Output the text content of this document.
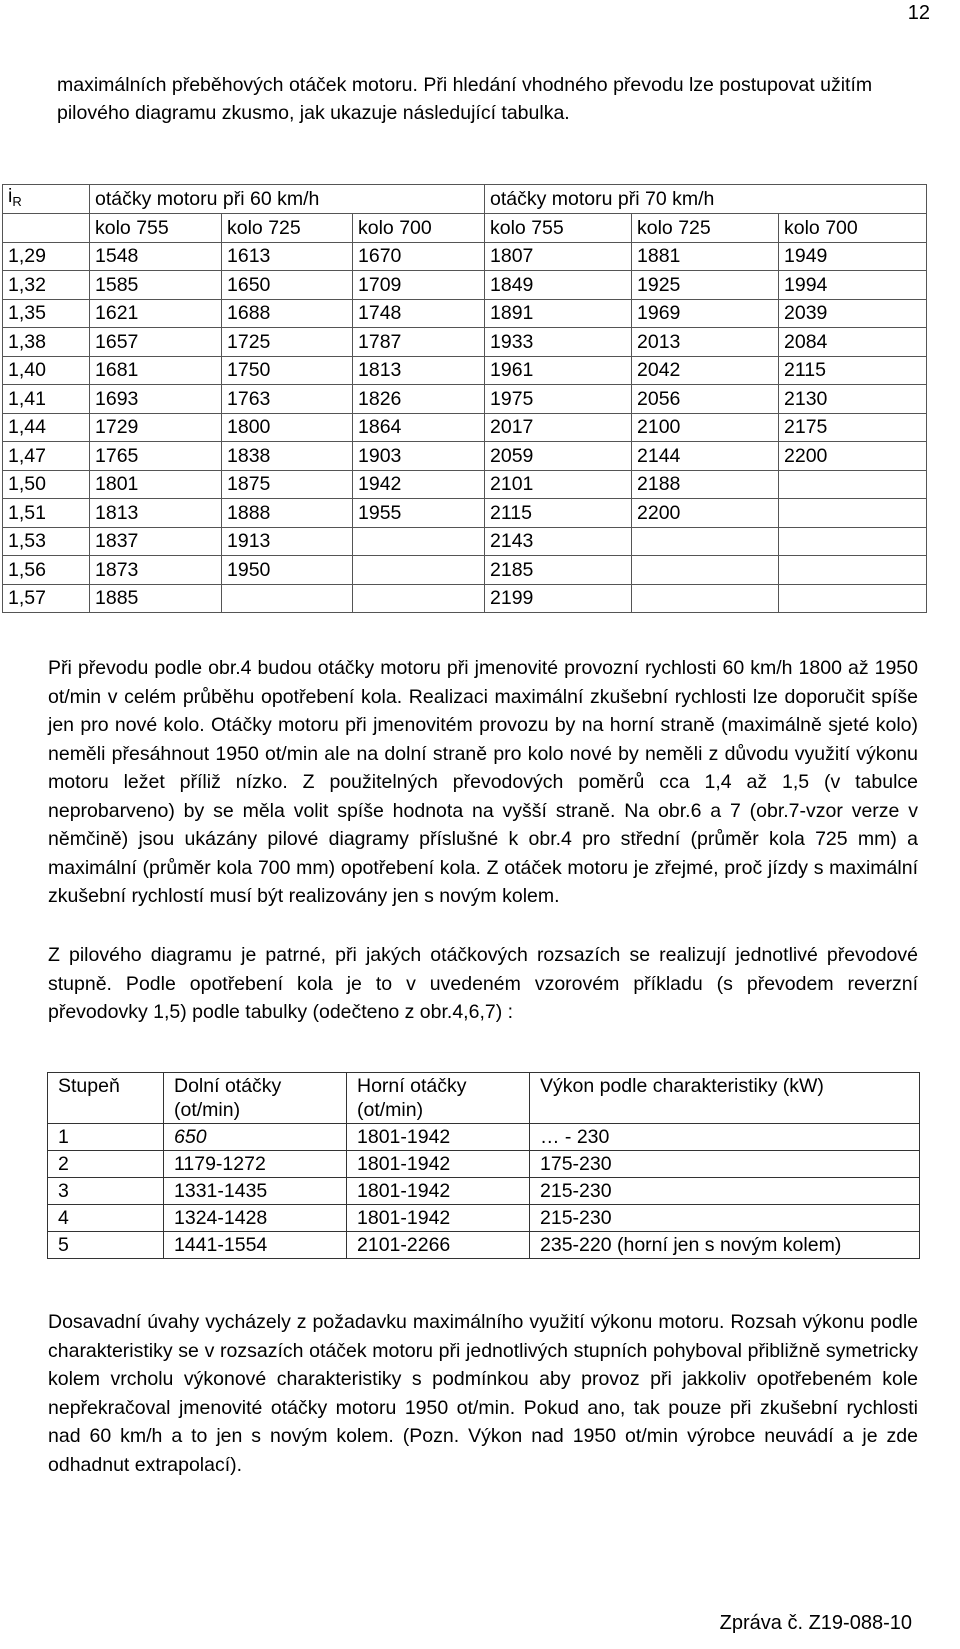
12
maximálních přeběhových otáček motoru. Při hledání vhodného převodu lze postupovat užitím pilového diagramu zkusmo, jak ukazuje následující tabulka.
$i_R$	otáčky motoru při 60 km/h			otáčky motoru při 70 km/h		
	kolo 755	kolo 725	kolo 700	kolo 755	kolo 725	kolo 700
1,29	1548	1613	1670	1807	1881	1949
1,32	1585	1650	1709	1849	1925	1994
1,35	1621	1688	1748	1891	1969	2039
1,38	1657	1725	1787	1933	2013	2084
1,40	1681	1750	1813	1961	2042	2115
1,41	1693	1763	1826	1975	2056	2130
1,44	1729	1800	1864	2017	2100	2175
1,47	1765	1838	1903	2059	2144	2200
1,50	1801	1875	1942	2101	2188	
1,51	1813	1888	1955	2115	2200	
1,53	1837	1913		2143		
1,56	1873	1950		2185		
1,57	1885			2199		
Při převodu podle obr.4 budou otáčky motoru při jmenovité provozní rychlosti 60 km/h 1800 až 1950 ot/min v celém průběhu opotřebení kola. Realizaci maximální zkušební rychlosti lze doporučit spíše jen pro nové kolo. Otáčky motoru při jmenovitém provozu by na horní straně (maximálně sjeté kolo) neměli přesáhnout 1950 ot/min ale na dolní straně pro kolo nové by neměli z důvodu využití výkonu motoru ležet příliž nízko. Z použitelných převodových poměrů cca 1,4 až 1,5 (v tabulce neprobarveno) by se měla volit spíše hodnota na vyšší straně. Na obr.6 a 7 (obr.7-vzor verze v němčině) jsou ukázány pilové diagramy příslušné k obr.4 pro střední (průměr kola 725 mm) a maximální (průměr kola 700 mm) opotřebení kola. Z otáček motoru je zřejmé, proč jízdy s maximální zkušební rychlostí musí být realizovány jen s novým kolem.
Z pilového diagramu je patrné, při jakých otáčkových rozsazích se realizují jednotlivé převodové stupně. Podle opotřebení kola je to v uvedeném vzorovém příkladu (s převodem reverzní převodovky 1,5) podle tabulky (odečteno z obr.4,6,7) :
Stupeň	Dolní otáčky (ot/min)	Horní otáčky (ot/min)	Výkon podle charakteristiky (kW)
1	650	1801-1942	… - 230
2	1179-1272	1801-1942	175-230
3	1331-1435	1801-1942	215-230
4	1324-1428	1801-1942	215-230
5	1441-1554	2101-2266	235-220 (horní jen s novým kolem)
Dosavadní úvahy vycházely z požadavku maximálního využití výkonu motoru. Rozsah výkonu podle charakteristiky se v rozsazích otáček motoru při jednotlivých stupních pohyboval přibližně symetricky kolem vrcholu výkonové charakteristiky s podmínkou aby provoz při jakkoliv opotřebeném kole nepřekračoval jmenovité otáčky motoru 1950 ot/min. Pokud ano, tak pouze při zkušební rychlosti nad 60 km/h a to jen s novým kolem. (Pozn. Výkon nad 1950 ot/min výrobce neuvádí a je zde odhadnut extrapolací).
Zpráva č. Z19-088-10
